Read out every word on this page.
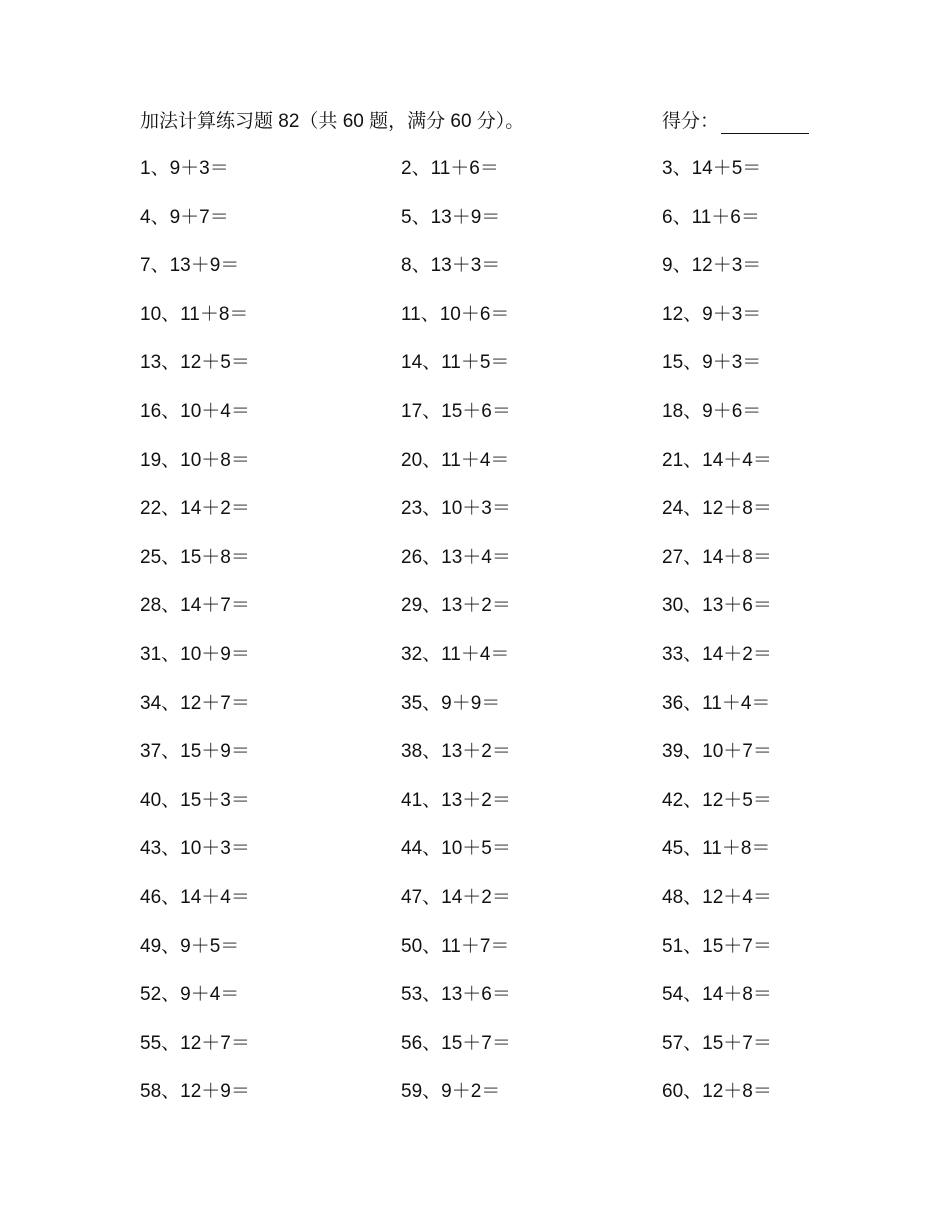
加法计算练习题 82（共 60 题，满分 60 分）。	得分：
1、9＋3＝	2、11＋6＝	3、14＋5＝
4、9＋7＝	5、13＋9＝	6、11＋6＝
7、13＋9＝	8、13＋3＝	9、12＋3＝
10、11＋8＝	11、10＋6＝	12、9＋3＝
13、12＋5＝	14、11＋5＝	15、9＋3＝
16、10＋4＝	17、15＋6＝	18、9＋6＝
19、10＋8＝	20、11＋4＝	21、14＋4＝
22、14＋2＝	23、10＋3＝	24、12＋8＝
25、15＋8＝	26、13＋4＝	27、14＋8＝
28、14＋7＝	29、13＋2＝	30、13＋6＝
31、10＋9＝	32、11＋4＝	33、14＋2＝
34、12＋7＝	35、9＋9＝	36、11＋4＝
37、15＋9＝	38、13＋2＝	39、10＋7＝
40、15＋3＝	41、13＋2＝	42、12＋5＝
43、10＋3＝	44、10＋5＝	45、11＋8＝
46、14＋4＝	47、14＋2＝	48、12＋4＝
49、9＋5＝	50、11＋7＝	51、15＋7＝
52、9＋4＝	53、13＋6＝	54、14＋8＝
55、12＋7＝	56、15＋7＝	57、15＋7＝
58、12＋9＝	59、9＋2＝	60、12＋8＝
